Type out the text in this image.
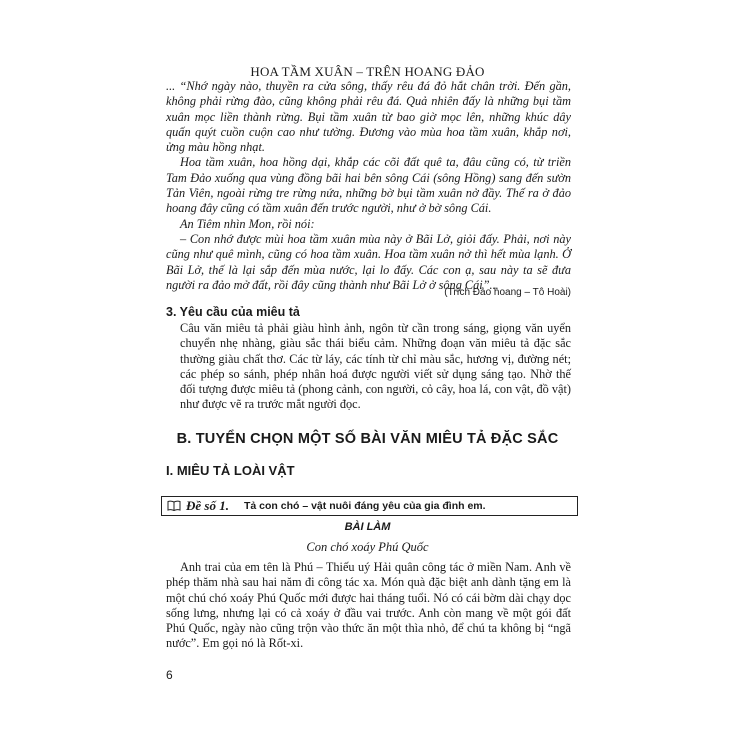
HOA TẦM XUÂN – TRÊN HOANG ĐẢO

... “Nhớ ngày nào, thuyền ra cửa sông, thấy rêu đá đỏ hắt chân trời. Đến gần, không phải rừng đào, cũng không phải rêu đá. Quả nhiên đấy là những bụi tầm xuân mọc liền thành rừng. Bụi tầm xuân từ bao giờ mọc lên, những khúc dây quấn quýt cuồn cuộn cao như tường. Đương vào mùa hoa tầm xuân, khắp nơi, ửng màu hồng nhạt.

Hoa tầm xuân, hoa hồng dại, khắp các cõi đất quê ta, đâu cũng có, từ triền Tam Đảo xuống qua vùng đồng bãi hai bên sông Cái (sông Hồng) sang đến sườn Tản Viên, ngoài rừng tre rừng nứa, những bờ bụi tầm xuân nở đầy. Thế ra ở đảo hoang đây cũng có tầm xuân đến trước người, như ở bờ sông Cái.

An Tiêm nhìn Mon, rồi nói:

– Con nhớ được mùi hoa tầm xuân mùa này ở Bãi Lở, giỏi đấy. Phải, nơi này cũng như quê mình, cũng có hoa tầm xuân. Hoa tầm xuân nở thì hết mùa lạnh. Ở Bãi Lở, thế là lại sắp đến mùa nước, lại lo đấy. Các con ạ, sau này ta sẽ đưa người ra đảo mở đất, rồi đây cũng thành như Bãi Lở ở sông Cái”...

(Trích Đảo hoang – Tô Hoài)
3. Yêu cầu của miêu tả

Câu văn miêu tả phải giàu hình ảnh, ngôn từ cần trong sáng, giọng văn uyển chuyển nhẹ nhàng, giàu sắc thái biểu cảm. Những đoạn văn miêu tả đặc sắc thường giàu chất thơ. Các từ láy, các tính từ chỉ màu sắc, hương vị, đường nét; các phép so sánh, phép nhân hoá được người viết sử dụng sáng tạo. Nhờ thế đối tượng được miêu tả (phong cảnh, con người, cỏ cây, hoa lá, con vật, đồ vật) như được vẽ ra trước mắt người đọc.

B. TUYỂN CHỌN MỘT SỐ BÀI VĂN MIÊU TẢ ĐẶC SẮC
I. MIÊU TẢ LOÀI VẬT
Đề số 1. Tả con chó – vật nuôi đáng yêu của gia đình em.
BÀI LÀM
Con chó xoáy Phú Quốc

Anh trai của em tên là Phú – Thiếu uý Hải quân công tác ở miền Nam. Anh về phép thăm nhà sau hai năm đi công tác xa. Món quà đặc biệt anh dành tặng em là một chú chó xoáy Phú Quốc mới được hai tháng tuổi. Nó có cái bờm dài chạy dọc sống lưng, nhưng lại có cả xoáy ở đầu vai trước. Anh còn mang về một gói đất Phú Quốc, ngày nào cũng trộn vào thức ăn một thìa nhỏ, để chú ta không bị “ngã nước”. Em gọi nó là Rốt-xi.

6
